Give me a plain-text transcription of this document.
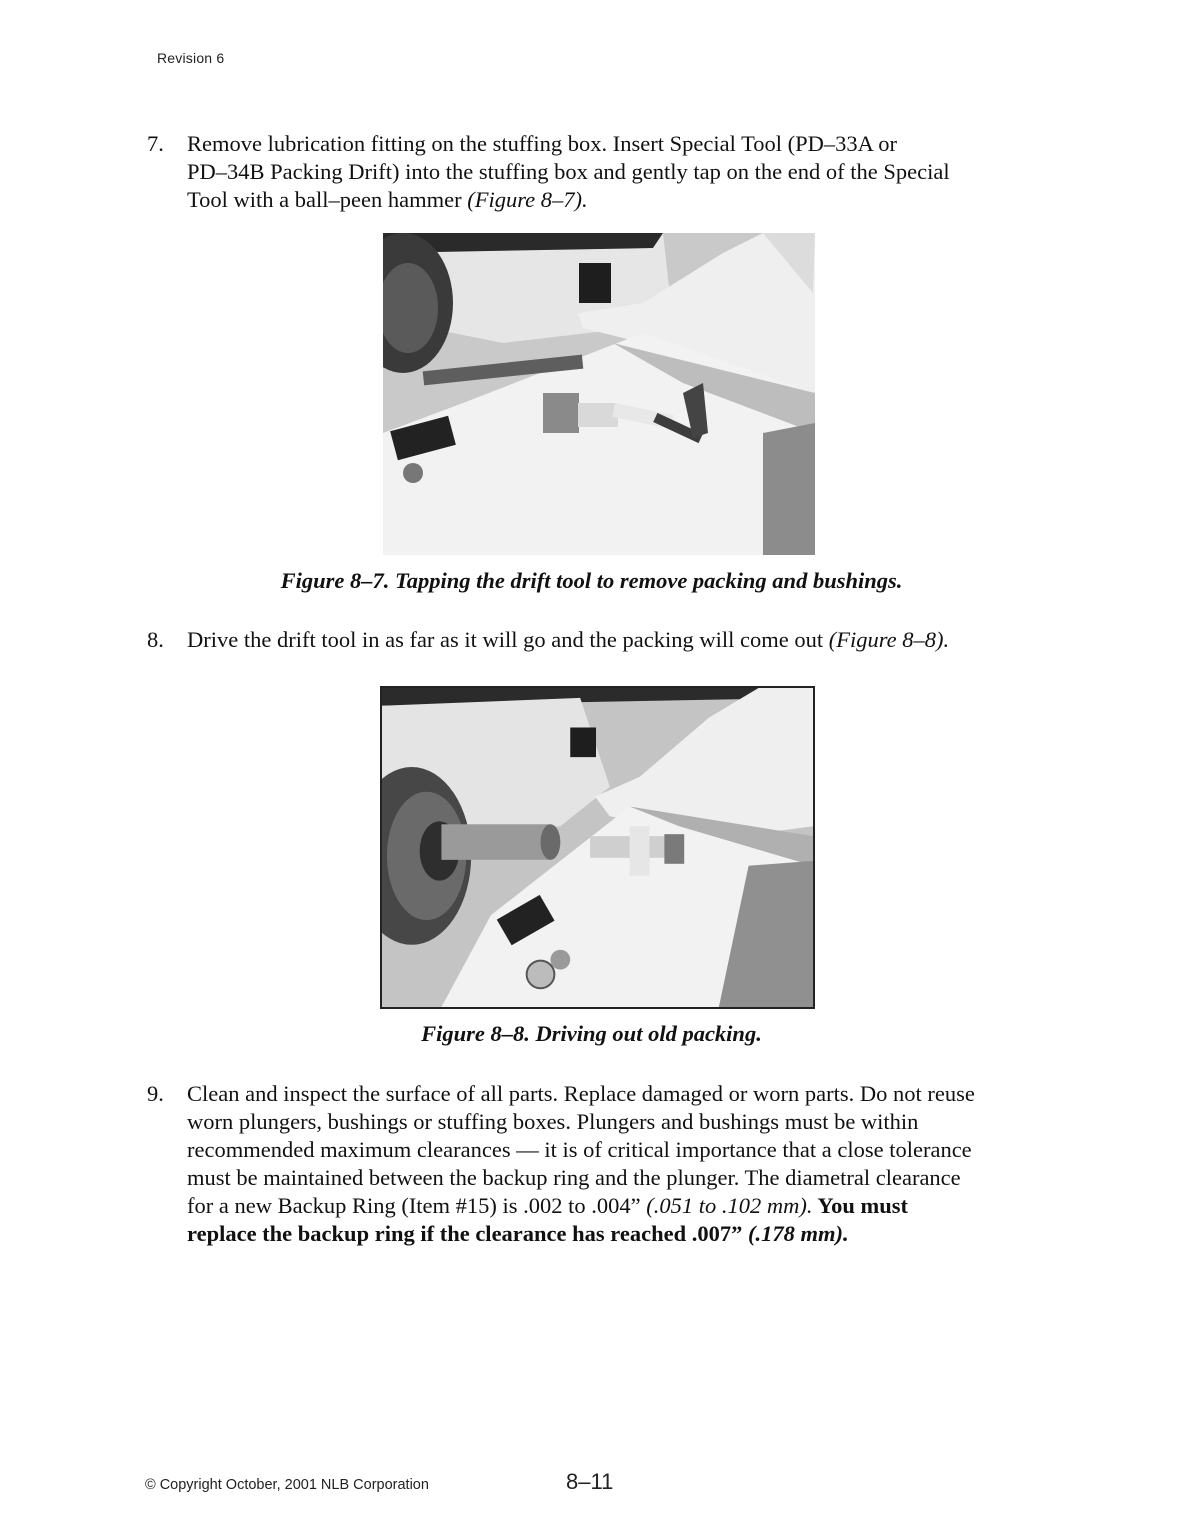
Revision 6
7.	Remove lubrication fitting on the stuffing box. Insert Special Tool (PD–33A or
PD–34B Packing Drift) into the stuffing box and gently tap on the end of the Special
Tool with a ball–peen hammer (Figure 8–7).
Figure 8–7. Tapping the drift tool to remove packing and bushings.
8.	Drive the drift tool in as far as it will go and the packing will come out (Figure 8–8).
Figure 8–8. Driving out old packing.
9.	Clean and inspect the surface of all parts. Replace damaged or worn parts. Do not reuse
worn plungers, bushings or stuffing boxes. Plungers and bushings must be within
recommended maximum clearances –– it is of critical importance that a close tolerance
must be maintained between the backup ring and the plunger. The diametral clearance
for a new Backup Ring (Item #15) is .002 to .004” (.051 to .102 mm). You must
replace the backup ring if the clearance has reached .007” (.178 mm).
© Copyright October, 2001 NLB Corporation	8–11
